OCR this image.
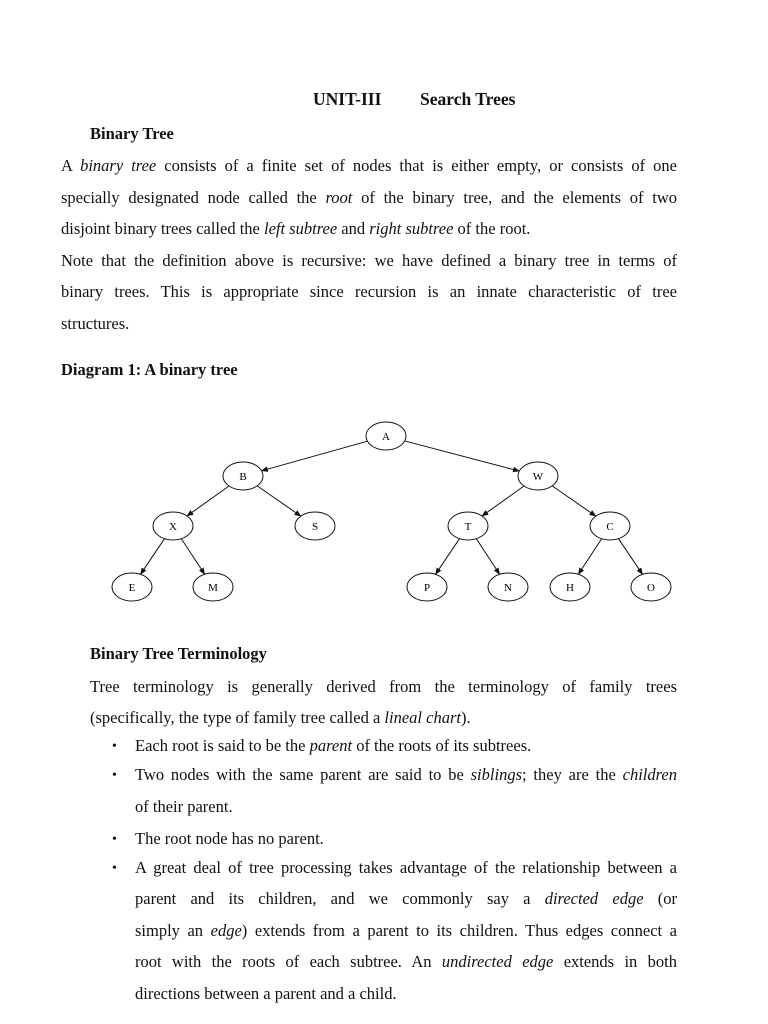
UNIT-III Search Trees
Binary Tree
A binary tree consists of a finite set of nodes that is either empty, or consists of one
specially designated node called the root of the binary tree, and the elements of two
disjoint binary trees called the left subtree and right subtree of the root.
Note that the definition above is recursive: we have defined a binary tree in terms of
binary trees. This is appropriate since recursion is an innate characteristic of tree
structures.
Diagram 1: A binary tree
A
B	W
X	S	T	C
E	M	P	N	H	O
Binary Tree Terminology
Tree terminology is generally derived from the terminology of family trees
(specifically, the type of family tree called a lineal chart).
• Each root is said to be the parent of the roots of its subtrees.
• Two nodes with the same parent are said to be siblings; they are the children
of their parent.
• The root node has no parent.
• A great deal of tree processing takes advantage of the relationship between a
parent and its children, and we commonly say a directed edge (or
simply an edge) extends from a parent to its children. Thus edges connect a
root with the roots of each subtree. An undirected edge extends in both
directions between a parent and a child.
